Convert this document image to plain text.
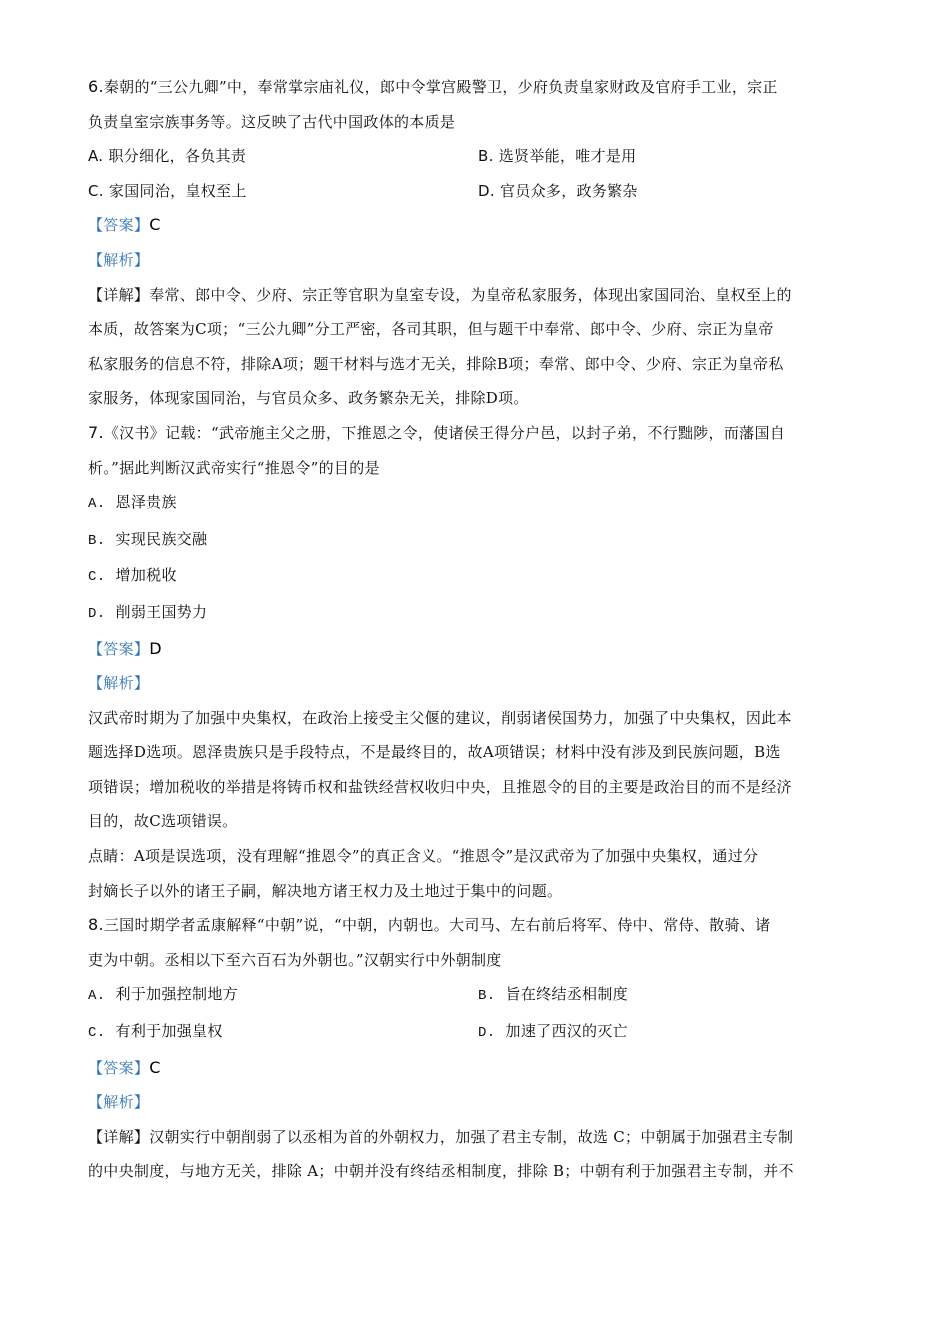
6.秦朝的“三公九卿”中，奉常掌宗庙礼仪，郎中令掌宫殿警卫，少府负责皇家财政及官府手工业，宗正
负责皇室宗族事务等。这反映了古代中国政体的本质是
A. 职分细化，各负其责	B. 选贤举能，唯才是用
C. 家国同治，皇权至上	D. 官员众多，政务繁杂
【答案】C
【解析】
【详解】奉常、郎中令、少府、宗正等官职为皇室专设，为皇帝私家服务，体现出家国同治、皇权至上的
本质，故答案为C项；“三公九卿”分工严密，各司其职，但与题干中奉常、郎中令、少府、宗正为皇帝
私家服务的信息不符，排除A项；题干材料与选才无关，排除B项；奉常、郎中令、少府、宗正为皇帝私
家服务，体现家国同治，与官员众多、政务繁杂无关，排除D项。
7.《汉书》记载：“武帝施主父之册，下推恩之令，使诸侯王得分户邑，以封子弟，不行黜陟，而藩国自
析。”据此判断汉武帝实行“推恩令”的目的是
A. 恩泽贵族
B. 实现民族交融
C. 增加税收
D. 削弱王国势力
【答案】D
【解析】
汉武帝时期为了加强中央集权，在政治上接受主父偃的建议，削弱诸侯国势力，加强了中央集权，因此本
题选择D选项。恩泽贵族只是手段特点，不是最终目的，故A项错误；材料中没有涉及到民族问题，B选
项错误；增加税收的举措是将铸币权和盐铁经营权收归中央，且推恩令的目的主要是政治目的而不是经济
目的，故C选项错误。
点睛：A项是误选项，没有理解“推恩令”的真正含义。“推恩令”是汉武帝为了加强中央集权，通过分
封嫡长子以外的诸王子嗣，解决地方诸王权力及土地过于集中的问题。
8.三国时期学者孟康解释“中朝”说，“中朝，内朝也。大司马、左右前后将军、侍中、常侍、散骑、诸
吏为中朝。丞相以下至六百石为外朝也。”汉朝实行中外朝制度
A. 利于加强控制地方	B. 旨在终结丞相制度
C. 有利于加强皇权	D. 加速了西汉的灭亡
【答案】C
【解析】
【详解】汉朝实行中朝削弱了以丞相为首的外朝权力，加强了君主专制，故选 C；中朝属于加强君主专制
的中央制度，与地方无关，排除 A；中朝并没有终结丞相制度，排除 B；中朝有利于加强君主专制，并不
